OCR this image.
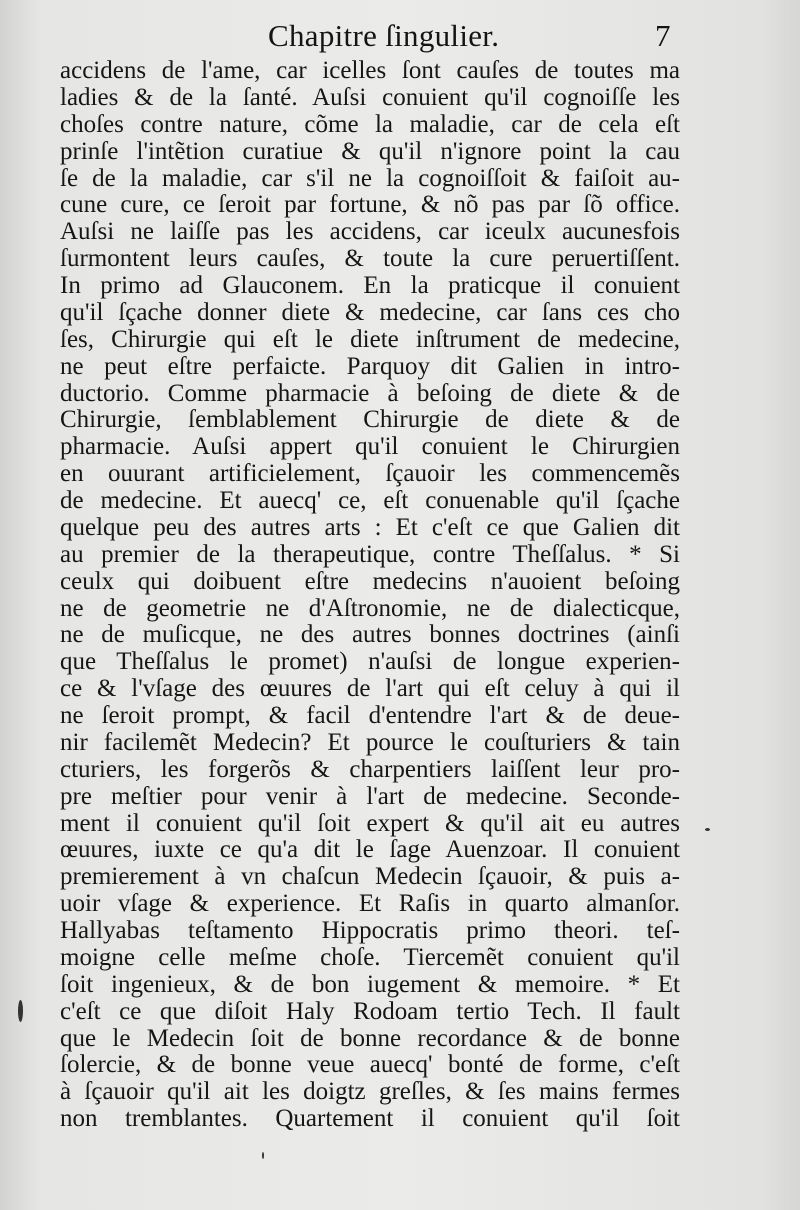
Chapitre ſingulier.	7
accidens de l'ame, car icelles ſont cauſes de toutes ma
ladies & de la ſanté. Auſsi conuient qu'il cognoiſſe les
choſes contre nature, cõme la maladie, car de cela eſt
prinſe l'intẽtion curatiue & qu'il n'ignore point la cau
ſe de la maladie, car s'il ne la cognoiſſoit & faiſoit au-
cune cure, ce ſeroit par fortune, & nõ pas par ſõ office.
Auſsi ne laiſſe pas les accidens, car iceulx aucunesfois
ſurmontent leurs cauſes, & toute la cure peruertiſſent.
In primo ad Glauconem. En la praticque il conuient
qu'il ſçache donner diete & medecine, car ſans ces cho
ſes, Chirurgie qui eſt le diete inſtrument de medecine,
ne peut eſtre perfaicte. Parquoy dit Galien in intro-
ductorio. Comme pharmacie à beſoing de diete & de
Chirurgie, ſemblablement Chirurgie de diete & de
pharmacie. Auſsi appert qu'il conuient le Chirurgien
en ouurant artificielement, ſçauoir les commencemẽs
de medecine. Et auecq' ce, eſt conuenable qu'il ſçache
quelque peu des autres arts : Et c'eſt ce que Galien dit
au premier de la therapeutique, contre Theſſalus. * Si
ceulx qui doibuent eſtre medecins n'auoient beſoing
ne de geometrie ne d'Aſtronomie, ne de dialecticque,
ne de muſicque, ne des autres bonnes doctrines (ainſi
que Theſſalus le promet) n'auſsi de longue experien-
ce & l'vſage des œuures de l'art qui eſt celuy à qui il
ne ſeroit prompt, & facil d'entendre l'art & de deue-
nir facilemẽt Medecin? Et pource le couſturiers & tain
cturiers, les forgerõs & charpentiers laiſſent leur pro-
pre meſtier pour venir à l'art de medecine. Seconde-
ment il conuient qu'il ſoit expert & qu'il ait eu autres
œuures, iuxte ce qu'a dit le ſage Auenzoar. Il conuient
premierement à vn chaſcun Medecin ſçauoir, & puis a-
uoir vſage & experience. Et Raſis in quarto almanſor.
Hallyabas teſtamento Hippocratis primo theori. teſ-
moigne celle meſme choſe. Tiercemẽt conuient qu'il
ſoit ingenieux, & de bon iugement & memoire. * Et
c'eſt ce que diſoit Haly Rodoam tertio Tech. Il fault
que le Medecin ſoit de bonne recordance & de bonne
ſolercie, & de bonne veue auecq' bonté de forme, c'eſt
à ſçauoir qu'il ait les doigtz greſles, & ſes mains fermes
non tremblantes. Quartement il conuient qu'il ſoit
